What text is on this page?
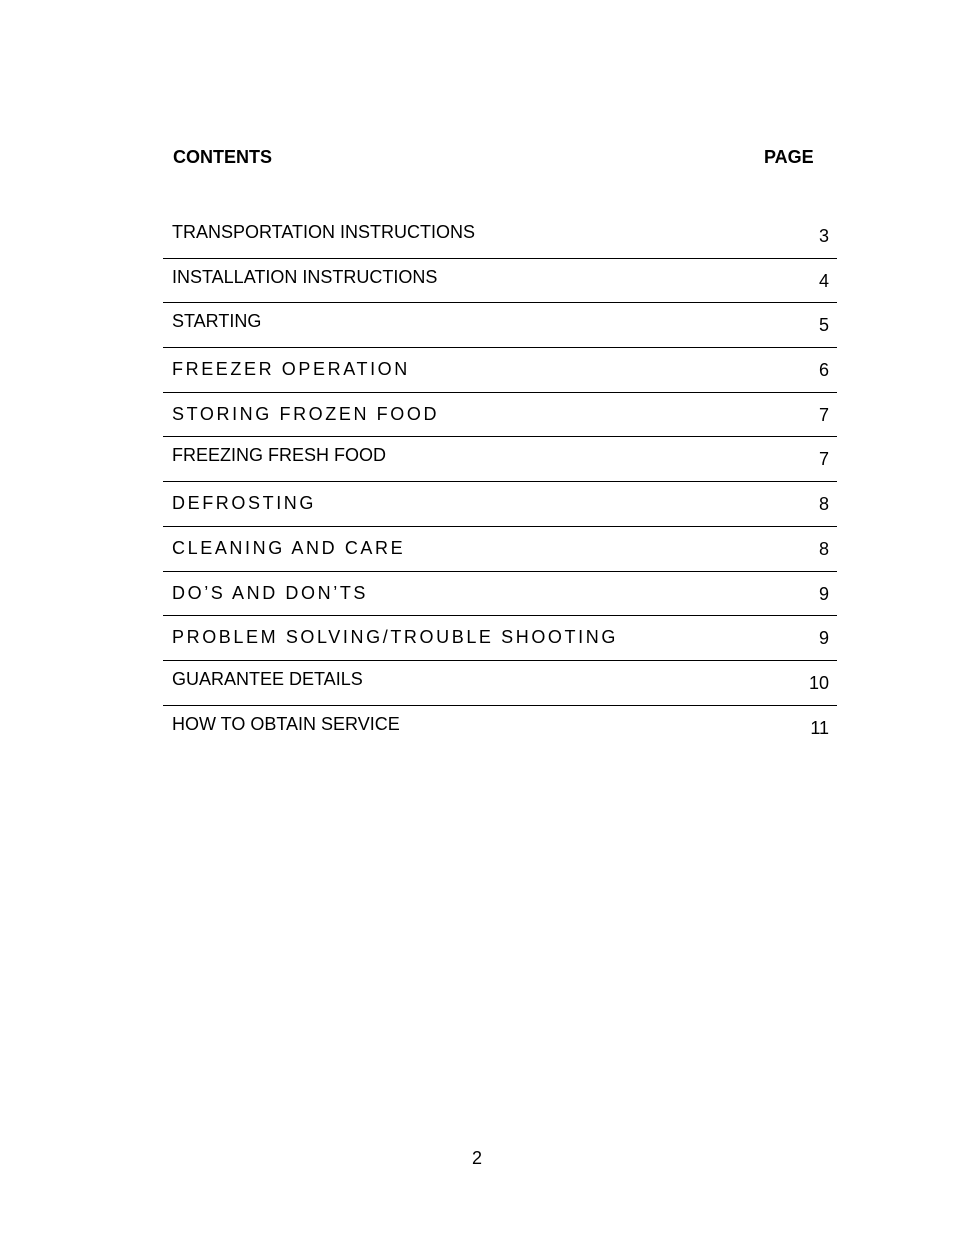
CONTENTS	PAGE
TRANSPORTATION INSTRUCTIONS	3
INSTALLATION INSTRUCTIONS	4
STARTING	5
FREEZER OPERATION	6
STORING FROZEN FOOD	7
FREEZING FRESH FOOD	7
DEFROSTING	8
CLEANING AND CARE	8
DO’S AND DON’TS	9
PROBLEM SOLVING/TROUBLE SHOOTING	9
GUARANTEE DETAILS	10
HOW TO OBTAIN SERVICE	11
2
